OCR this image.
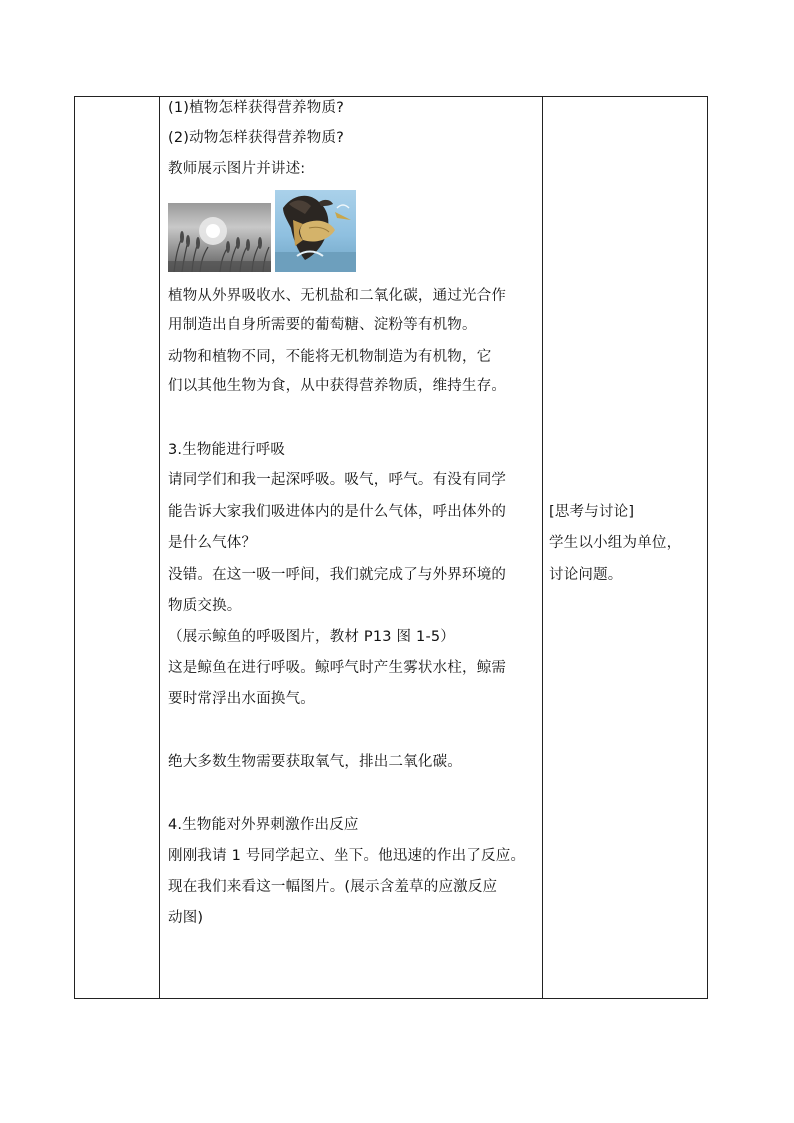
(1)植物怎样获得营养物质?
(2)动物怎样获得营养物质?
教师展示图片并讲述:
植物从外界吸收水、无机盐和二氧化碳，通过光合作
用制造出自身所需要的葡萄糖、淀粉等有机物。
动物和植物不同，不能将无机物制造为有机物，它
们以其他生物为食，从中获得营养物质，维持生存。
3.生物能进行呼吸
请同学们和我一起深呼吸。吸气，呼气。有没有同学
能告诉大家我们吸进体内的是什么气体，呼出体外的
是什么气体？
没错。在这一吸一呼间，我们就完成了与外界环境的
物质交换。
（展示鲸鱼的呼吸图片，教材 P13 图 1-5）
这是鲸鱼在进行呼吸。鲸呼气时产生雾状水柱，鲸需
要时常浮出水面换气。
绝大多数生物需要获取氧气，排出二氧化碳。
4.生物能对外界刺激作出反应
刚刚我请 1 号同学起立、坐下。他迅速的作出了反应。
现在我们来看这一幅图片。(展示含羞草的应激反应
动图)
[思考与讨论]
学生以小组为单位，
讨论问题。
